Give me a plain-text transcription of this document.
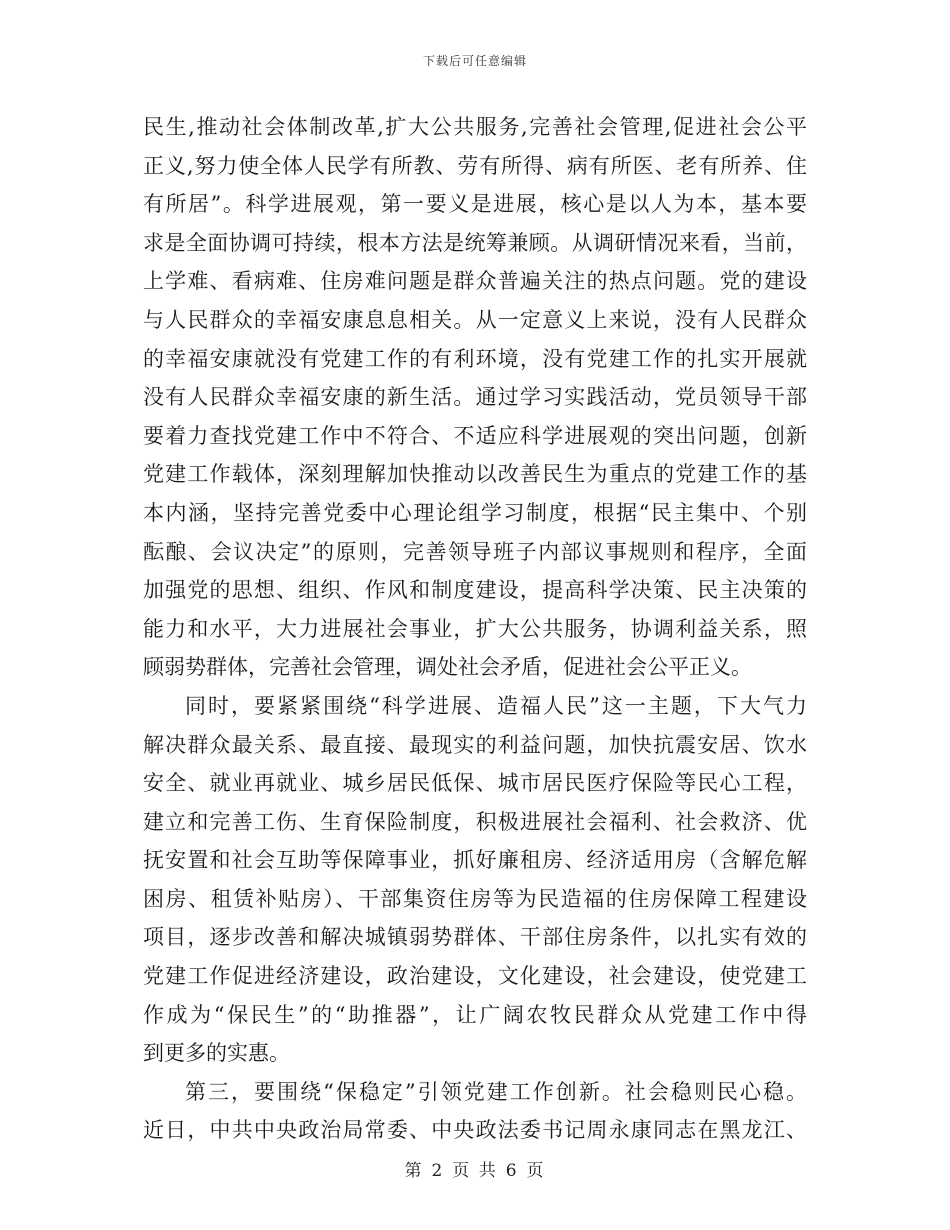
下载后可任意编辑
民生,推动社会体制改革,扩大公共服务,完善社会管理,促进社会公平
正义,努力使全体人民学有所教、劳有所得、病有所医、老有所养、住
有所居”。科学进展观，第一要义是进展，核心是以人为本，基本要
求是全面协调可持续，根本方法是统筹兼顾。从调研情况来看，当前，
上学难、看病难、住房难问题是群众普遍关注的热点问题。党的建设
与人民群众的幸福安康息息相关。从一定意义上来说，没有人民群众
的幸福安康就没有党建工作的有利环境，没有党建工作的扎实开展就
没有人民群众幸福安康的新生活。通过学习实践活动，党员领导干部
要着力查找党建工作中不符合、不适应科学进展观的突出问题，创新
党建工作载体，深刻理解加快推动以改善民生为重点的党建工作的基
本内涵，坚持完善党委中心理论组学习制度，根据“民主集中、个别
酝酿、会议决定”的原则，完善领导班子内部议事规则和程序，全面
加强党的思想、组织、作风和制度建设，提高科学决策、民主决策的
能力和水平，大力进展社会事业，扩大公共服务，协调利益关系，照
顾弱势群体，完善社会管理，调处社会矛盾，促进社会公平正义。
同时，要紧紧围绕“科学进展、造福人民”这一主题，下大气力
解决群众最关系、最直接、最现实的利益问题，加快抗震安居、饮水
安全、就业再就业、城乡居民低保、城市居民医疗保险等民心工程，
建立和完善工伤、生育保险制度，积极进展社会福利、社会救济、优
抚安置和社会互助等保障事业，抓好廉租房、经济适用房（含解危解
困房、租赁补贴房）、干部集资住房等为民造福的住房保障工程建设
项目，逐步改善和解决城镇弱势群体、干部住房条件，以扎实有效的
党建工作促进经济建设，政治建设，文化建设，社会建设，使党建工
作成为“保民生”的“助推器”，让广阔农牧民群众从党建工作中得
到更多的实惠。
第三，要围绕“保稳定”引领党建工作创新。社会稳则民心稳。
近日，中共中央政治局常委、中央政法委书记周永康同志在黑龙江、
第 2 页 共 6 页
